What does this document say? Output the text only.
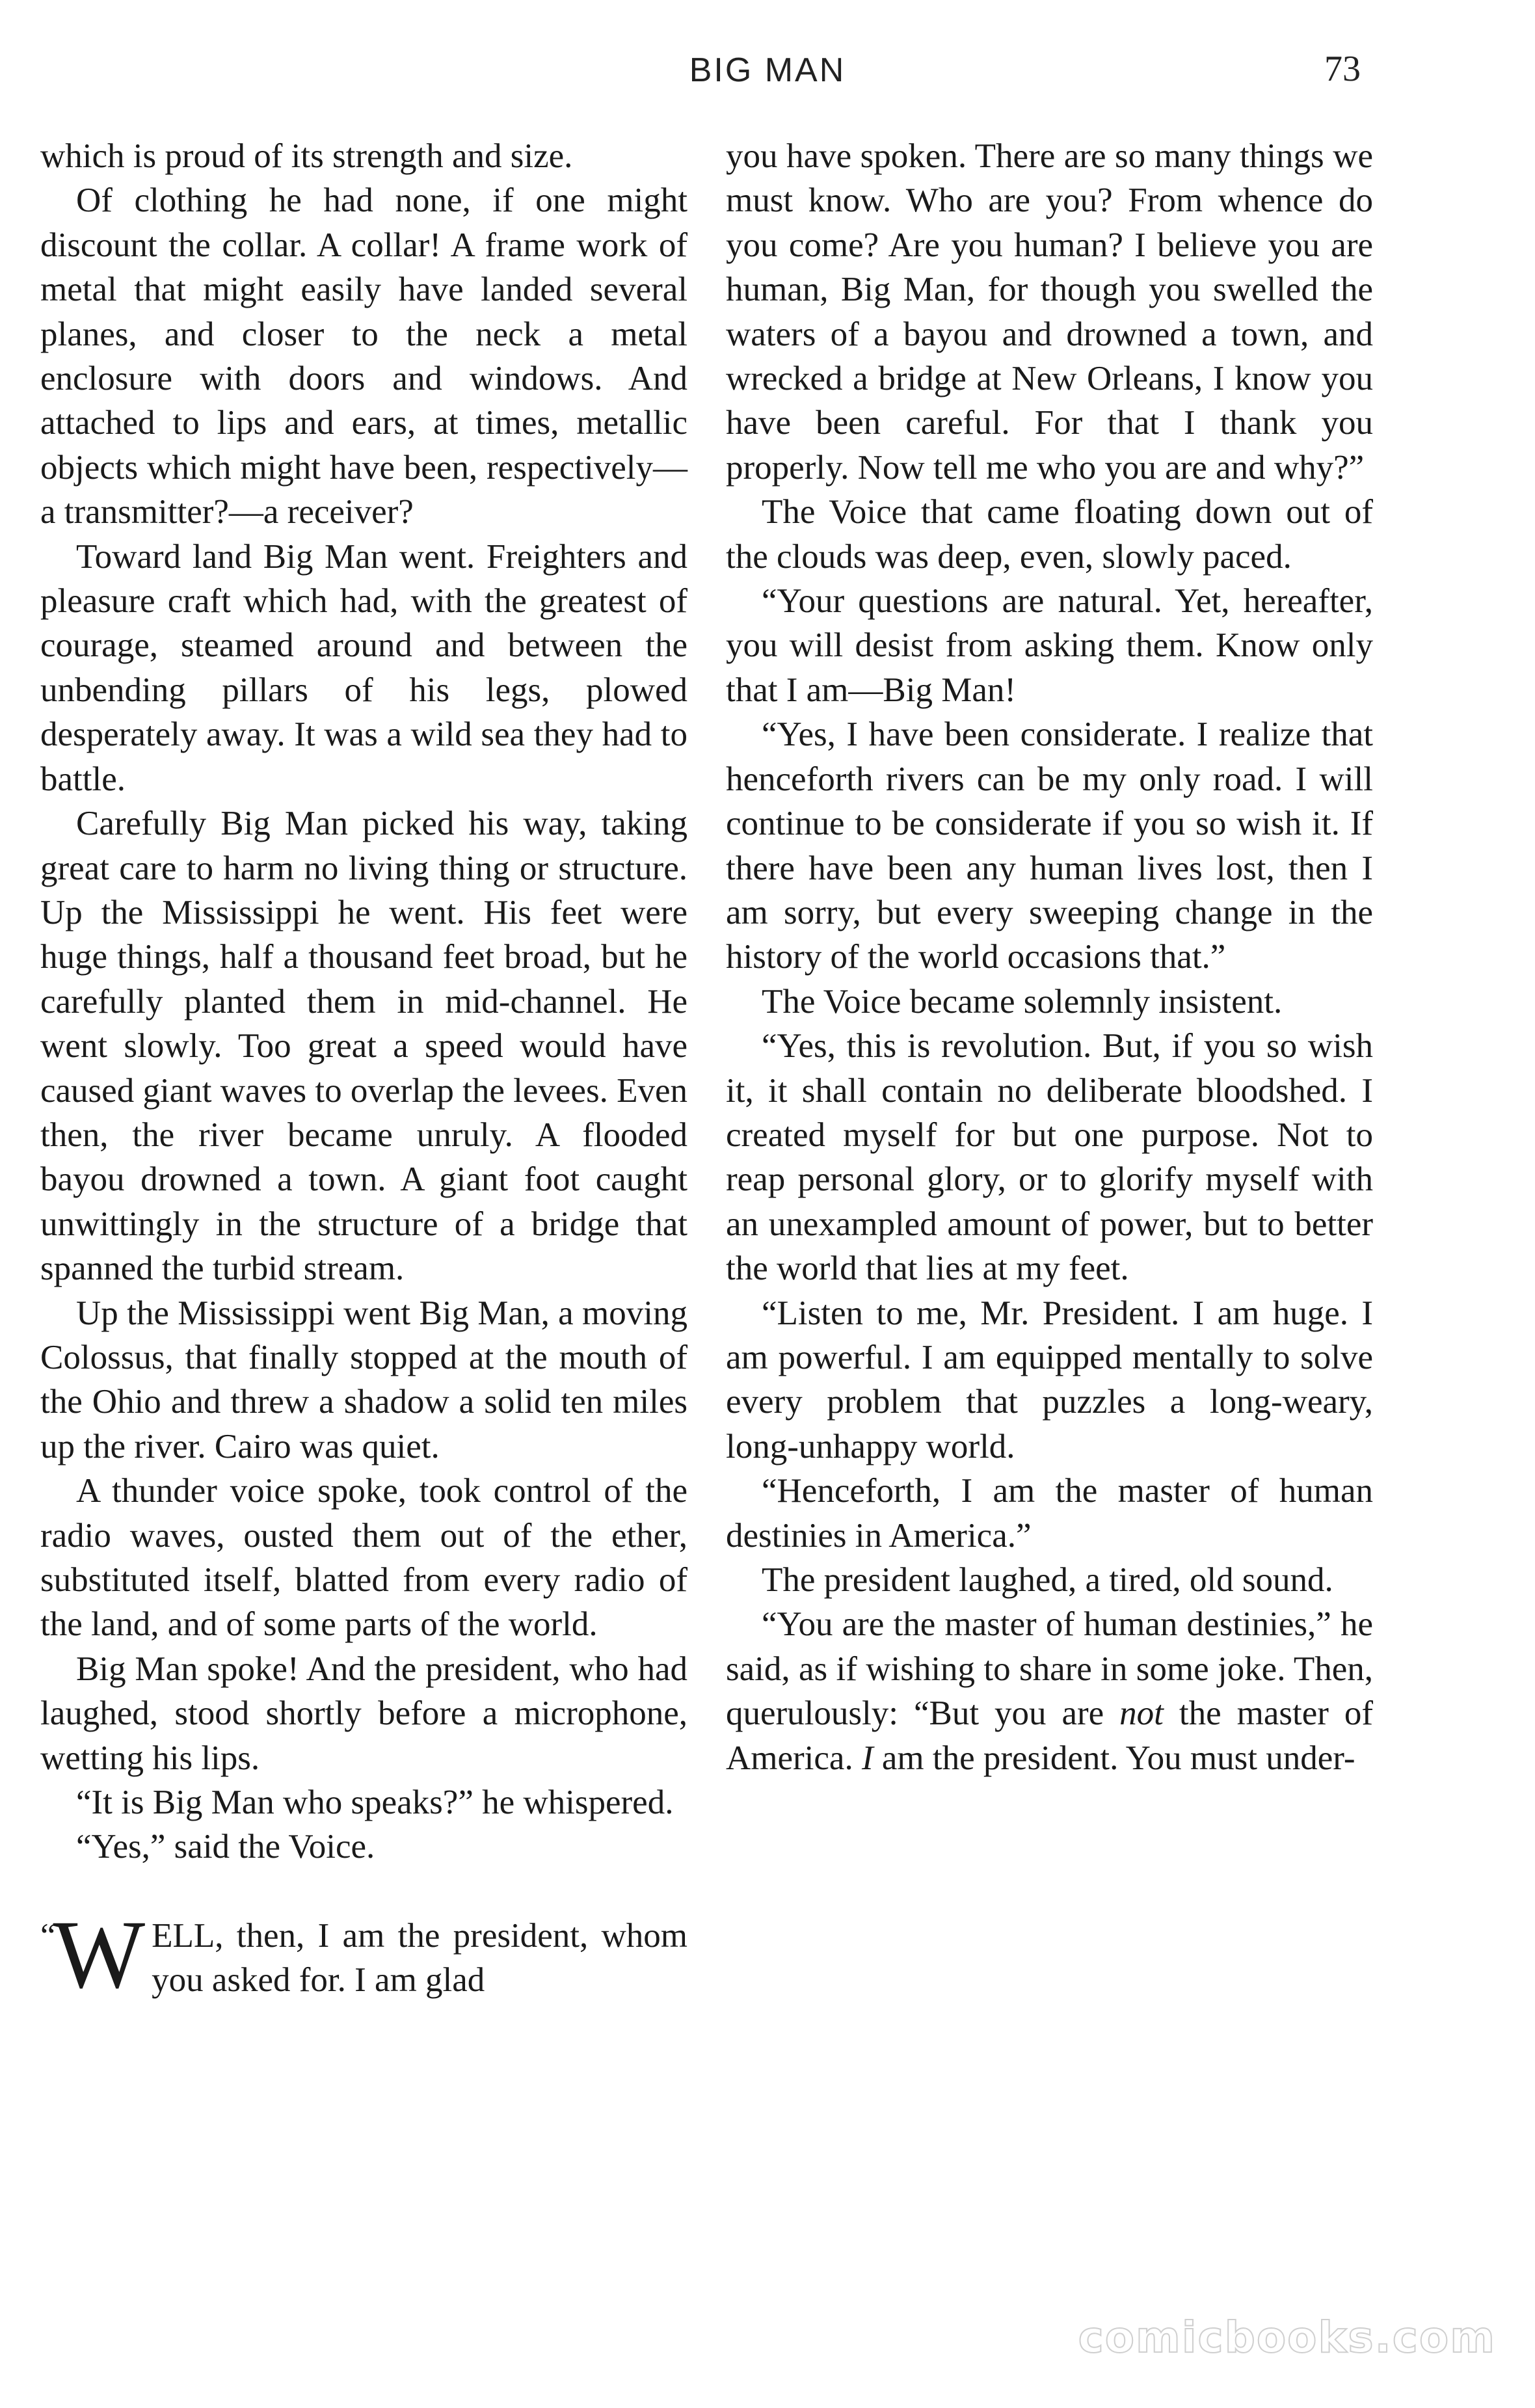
BIG MAN	73

which is proud of its strength and size.

Of clothing he had none, if one might discount the collar. A collar! A frame work of metal that might easily have landed several planes, and closer to the neck a metal enclosure with doors and windows. And attached to lips and ears, at times, metallic objects which might have been, respectively—a transmitter?—a receiver?

Toward land Big Man went. Freighters and pleasure craft which had, with the greatest of courage, steamed around and between the unbending pillars of his legs, plowed desperately away. It was a wild sea they had to battle.

Carefully Big Man picked his way, taking great care to harm no living thing or structure. Up the Mississippi he went. His feet were huge things, half a thousand feet broad, but he carefully planted them in mid-channel. He went slowly. Too great a speed would have caused giant waves to overlap the levees. Even then, the river became unruly. A flooded bayou drowned a town. A giant foot caught unwittingly in the structure of a bridge that spanned the turbid stream.

Up the Mississippi went Big Man, a moving Colossus, that finally stopped at the mouth of the Ohio and threw a shadow a solid ten miles up the river. Cairo was quiet.

A thunder voice spoke, took control of the radio waves, ousted them out of the ether, substituted itself, blatted from every radio of the land, and of some parts of the world.

Big Man spoke! And the president, who had laughed, stood shortly before a microphone, wetting his lips.

“It is Big Man who speaks?” he whispered.

“Yes,” said the Voice.

“
W ELL, then, I am the president, whom you asked for. I am glad

you have spoken. There are so many things we must know. Who are you? From whence do you come? Are you human? I believe you are human, Big Man, for though you swelled the waters of a bayou and drowned a town, and wrecked a bridge at New Orleans, I know you have been careful. For that I thank you properly. Now tell me who you are and why?”

The Voice that came floating down out of the clouds was deep, even, slowly paced.

“Your questions are natural. Yet, hereafter, you will desist from asking them. Know only that I am—Big Man!

“Yes, I have been considerate. I realize that henceforth rivers can be my only road. I will continue to be considerate if you so wish it. If there have been any human lives lost, then I am sorry, but every sweeping change in the history of the world occasions that.”

The Voice became solemnly insistent.

“Yes, this is revolution. But, if you so wish it, it shall contain no deliberate bloodshed. I created myself for but one purpose. Not to reap personal glory, or to glorify myself with an unexampled amount of power, but to better the world that lies at my feet.

“Listen to me, Mr. President. I am huge. I am powerful. I am equipped mentally to solve every problem that puzzles a long-weary, long-unhappy world.

“Henceforth, I am the master of human destinies in America.”

The president laughed, a tired, old sound.

“You are the master of human destinies,” he said, as if wishing to share in some joke. Then, querulously: “But you are not the master of America. I am the president. You must under-

comicbooks.com
